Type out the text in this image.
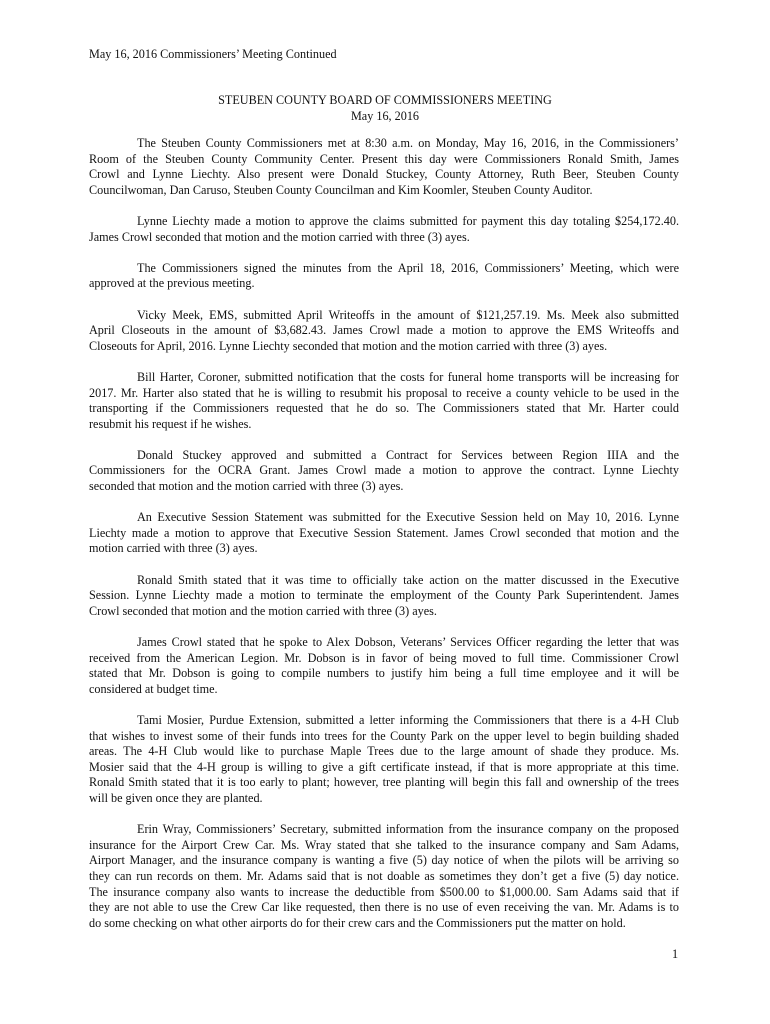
May 16, 2016 Commissioners’ Meeting Continued
STEUBEN COUNTY BOARD OF COMMISSIONERS MEETING
May 16, 2016
The Steuben County Commissioners met at 8:30 a.m. on Monday, May 16, 2016, in the Commissioners’
Room of the Steuben County Community Center. Present this day were Commissioners Ronald Smith, James
Crowl and Lynne Liechty. Also present were Donald Stuckey, County Attorney, Ruth Beer, Steuben County
Councilwoman, Dan Caruso, Steuben County Councilman and Kim Koomler, Steuben County Auditor.
Lynne Liechty made a motion to approve the claims submitted for payment this day totaling $254,172.40.
James Crowl seconded that motion and the motion carried with three (3) ayes.
The Commissioners signed the minutes from the April 18, 2016, Commissioners’ Meeting, which were
approved at the previous meeting.
Vicky Meek, EMS, submitted April Writeoffs in the amount of $121,257.19. Ms. Meek also submitted
April Closeouts in the amount of $3,682.43. James Crowl made a motion to approve the EMS Writeoffs and
Closeouts for April, 2016. Lynne Liechty seconded that motion and the motion carried with three (3) ayes.
Bill Harter, Coroner, submitted notification that the costs for funeral home transports will be increasing for
2017. Mr. Harter also stated that he is willing to resubmit his proposal to receive a county vehicle to be used in the
transporting if the Commissioners requested that he do so. The Commissioners stated that Mr. Harter could
resubmit his request if he wishes.
Donald Stuckey approved and submitted a Contract for Services between Region IIIA and the
Commissioners for the OCRA Grant. James Crowl made a motion to approve the contract. Lynne Liechty
seconded that motion and the motion carried with three (3) ayes.
An Executive Session Statement was submitted for the Executive Session held on May 10, 2016. Lynne
Liechty made a motion to approve that Executive Session Statement. James Crowl seconded that motion and the
motion carried with three (3) ayes.
Ronald Smith stated that it was time to officially take action on the matter discussed in the Executive
Session. Lynne Liechty made a motion to terminate the employment of the County Park Superintendent. James
Crowl seconded that motion and the motion carried with three (3) ayes.
James Crowl stated that he spoke to Alex Dobson, Veterans’ Services Officer regarding the letter that was
received from the American Legion. Mr. Dobson is in favor of being moved to full time. Commissioner Crowl
stated that Mr. Dobson is going to compile numbers to justify him being a full time employee and it will be
considered at budget time.
Tami Mosier, Purdue Extension, submitted a letter informing the Commissioners that there is a 4-H Club
that wishes to invest some of their funds into trees for the County Park on the upper level to begin building shaded
areas. The 4-H Club would like to purchase Maple Trees due to the large amount of shade they produce. Ms.
Mosier said that the 4-H group is willing to give a gift certificate instead, if that is more appropriate at this time.
Ronald Smith stated that it is too early to plant; however, tree planting will begin this fall and ownership of the trees
will be given once they are planted.
Erin Wray, Commissioners’ Secretary, submitted information from the insurance company on the proposed
insurance for the Airport Crew Car. Ms. Wray stated that she talked to the insurance company and Sam Adams,
Airport Manager, and the insurance company is wanting a five (5) day notice of when the pilots will be arriving so
they can run records on them. Mr. Adams said that is not doable as sometimes they don’t get a five (5) day notice.
The insurance company also wants to increase the deductible from $500.00 to $1,000.00. Sam Adams said that if
they are not able to use the Crew Car like requested, then there is no use of even receiving the van. Mr. Adams is to
do some checking on what other airports do for their crew cars and the Commissioners put the matter on hold.
1
